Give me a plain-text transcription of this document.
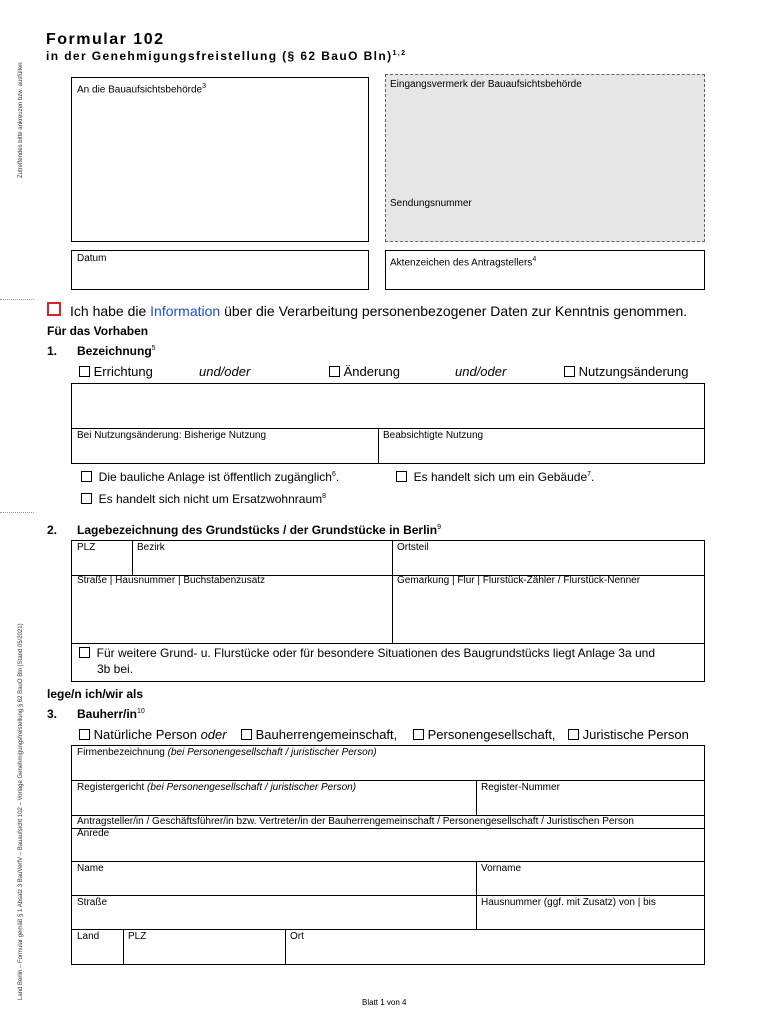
Zutreffendes bitte ankreuzen bzw. ausfüllen
Land Berlin – Formular gemäß § 1 Absatz 3 BauVerfV – Bauaufsicht 102 – Vorlage Genehmigungsfreistellung § 62 BauO Bln (Stand 05/2021)
Formular 102
in der Genehmigungsfreistellung (§ 62 BauO Bln)$^{1,2}$
An die Bauaufsichtsbehörde$^3$	Eingangsvermerk der Bauaufsichtsbehörde
Sendungsnummer
Datum	Aktenzeichen des Antragstellers$^4$
Ich habe die Information über die Verarbeitung personenbezogener Daten zur Kenntnis genommen.
Für das Vorhaben
1. Bezeichnung$^5$
Errichtung	und/oder	Änderung	und/oder	Nutzungsänderung
Bei Nutzungsänderung: Bisherige Nutzung	Beabsichtigte Nutzung
Die bauliche Anlage ist öffentlich zugänglich$^6$.	Es handelt sich um ein Gebäude$^7$.
Es handelt sich nicht um Ersatzwohnraum$^8$
2. Lagebezeichnung des Grundstücks / der Grundstücke in Berlin$^9$
PLZ	Bezirk	Ortsteil
Straße | Hausnummer | Buchstabenzusatz	Gemarkung | Flur | Flurstück-Zähler / Flurstück-Nenner
Für weitere Grund- u. Flurstücke oder für besondere Situationen des Baugrundstücks liegt Anlage 3a und
3b bei.
lege/n ich/wir als
3. Bauherr/$in^{10}$
Natürliche Person oder	Bauherrengemeinschaft,	Personengesellschaft,	Juristische Person
Firmenbezeichnung (bei Personengesellschaft / juristischer Person)
Registergericht (bei Personengesellschaft / juristischer Person)	Register-Nummer
Antragsteller/in / Geschäftsführer/in bzw. Vertreter/in der Bauherrengemeinschaft / Personengesellschaft / Juristischen Person
Anrede
Name	Vorname
Straße	Hausnummer (ggf. mit Zusatz) von | bis
Land	PLZ	Ort
Blatt 1 von 4
